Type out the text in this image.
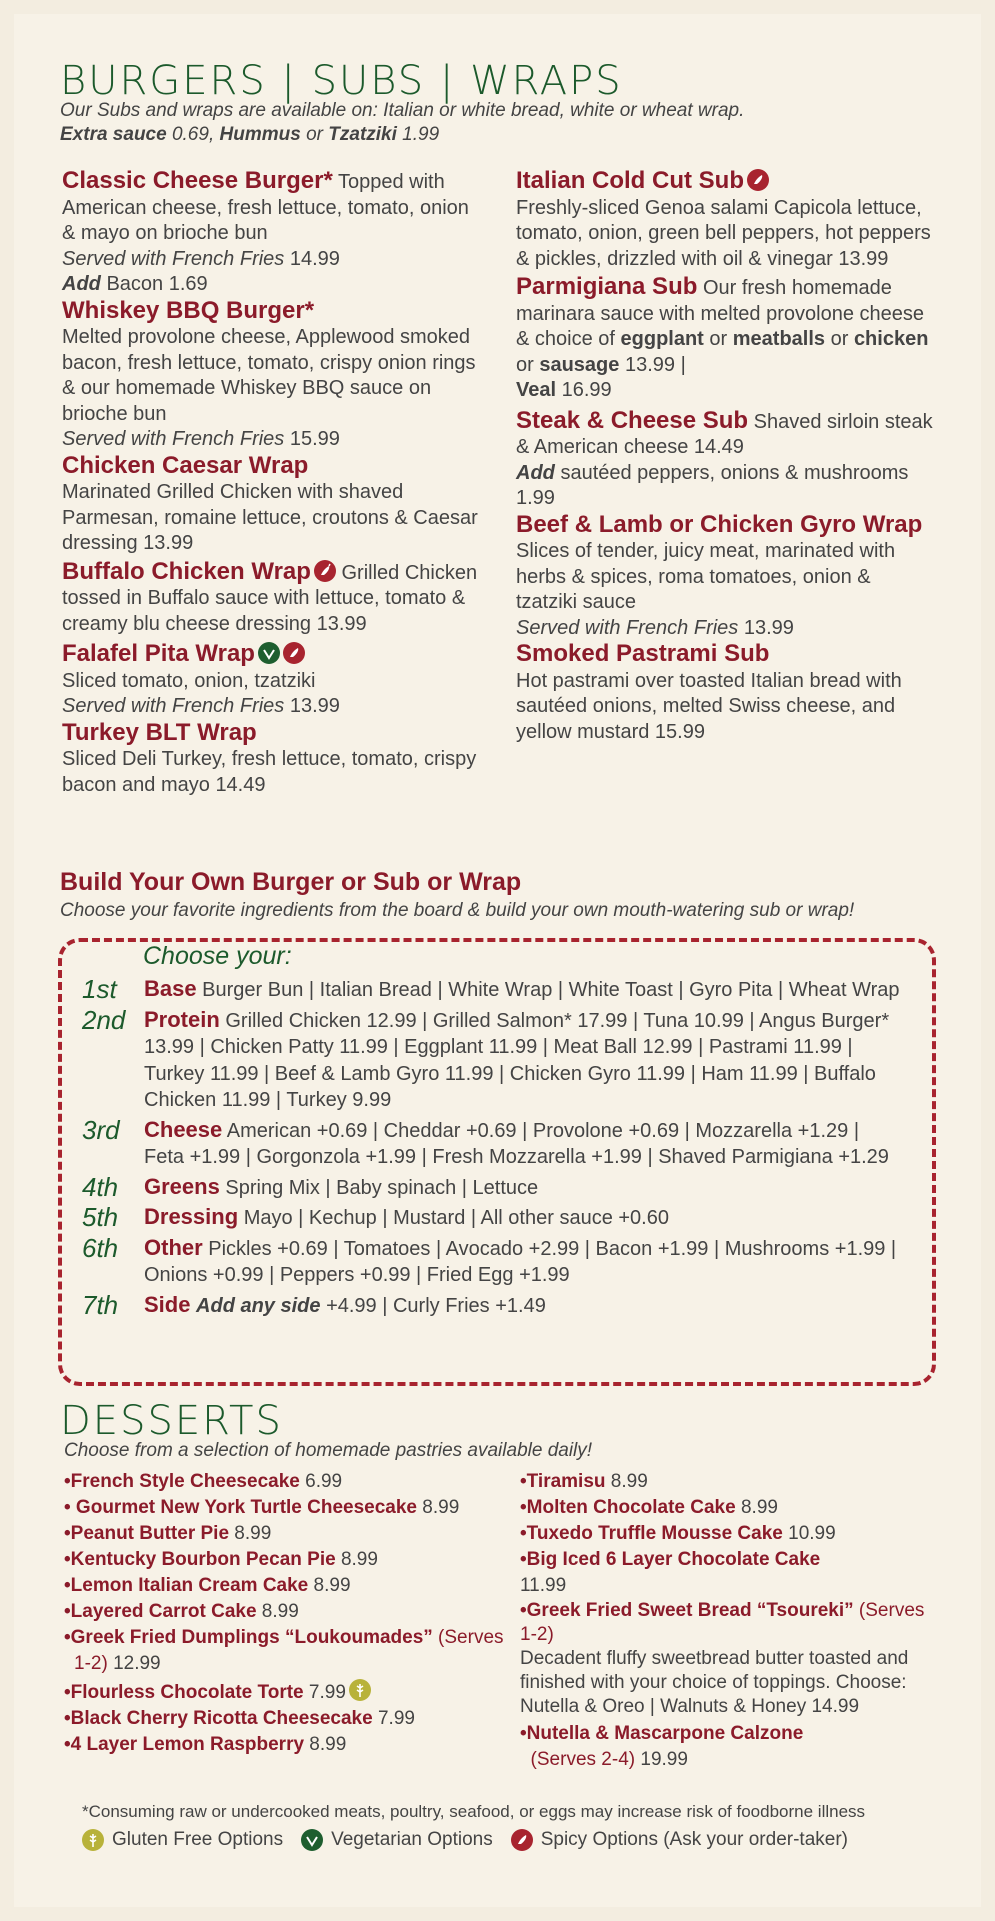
BURGERS | SUBS | WRAPS
Our Subs and wraps are available on: Italian or white bread, white or wheat wrap.
Extra sauce 0.69, Hummus or Tzatziki 1.99
Classic Cheese Burger* Topped with American cheese, fresh lettuce, tomato, onion & mayo on brioche bun
Served with French Fries 14.99
Add Bacon 1.69
Whiskey BBQ Burger*
Melted provolone cheese, Applewood smoked bacon, fresh lettuce, tomato, crispy onion rings & our homemade Whiskey BBQ sauce on brioche bun
Served with French Fries 15.99
Chicken Caesar Wrap
Marinated Grilled Chicken with shaved Parmesan, romaine lettuce, croutons & Caesar dressing 13.99
Buffalo Chicken Wrap
Grilled Chicken tossed in Buffalo sauce with lettuce, tomato & creamy blu cheese dressing 13.99
Falafel Pita Wrap

Sliced tomato, onion, tzatziki
Served with French Fries 13.99
Turkey BLT Wrap
Sliced Deli Turkey, fresh lettuce, tomato, crispy bacon and mayo 14.49
Italian Cold Cut Sub

Freshly-sliced Genoa salami Capicola lettuce, tomato, onion, green bell peppers, hot peppers & pickles, drizzled with oil & vinegar 13.99
Parmigiana Sub Our fresh homemade marinara sauce with melted provolone cheese & choice of eggplant or meatballs or chicken or sausage 13.99 |
Veal 16.99
Steak & Cheese Sub Shaved sirloin steak & American cheese 14.49
Add sautéed peppers, onions & mushrooms 1.99
Beef & Lamb or Chicken Gyro Wrap Slices of tender, juicy meat, marinated with herbs & spices, roma tomatoes, onion & tzatziki sauce
Served with French Fries 13.99
Smoked Pastrami Sub
Hot pastrami over toasted Italian bread with sautéed onions, melted Swiss cheese, and yellow mustard 15.99
Build Your Own Burger or Sub or Wrap
Choose your favorite ingredients from the board & build your own mouth-watering sub or wrap!
Choose your:
1st	Base Burger Bun | Italian Bread | White Wrap | White Toast | Gyro Pita | Wheat Wrap
2nd Protein Grilled Chicken 12.99 | Grilled Salmon* 17.99 | Tuna 10.99 | Angus Burger* 13.99 | Chicken Patty 11.99 | Eggplant 11.99 | Meat Ball 12.99 | Pastrami 11.99 | Turkey 11.99 | Beef & Lamb Gyro 11.99 | Chicken Gyro 11.99 | Ham 11.99 | Buffalo Chicken 11.99 | Turkey 9.99
3rd	Cheese American +0.69 | Cheddar +0.69 | Provolone +0.69 | Mozzarella +1.29 | Feta +1.99 | Gorgonzola +1.99 | Fresh Mozzarella +1.99 | Shaved Parmigiana +1.29
4th	Greens Spring Mix | Baby spinach | Lettuce
5th	Dressing Mayo | Kechup | Mustard | All other sauce +0.60
6th	Other Pickles +0.69 | Tomatoes | Avocado +2.99 | Bacon +1.99 | Mushrooms +1.99 | Onions +0.99 | Peppers +0.99 | Fried Egg +1.99
7th	Side Add any side +4.99 | Curly Fries +1.49
DESSERTS
Choose from a selection of homemade pastries available daily!
•French Style Cheesecake 6.99
• Gourmet New York Turtle Cheesecake 8.99
•Peanut Butter Pie 8.99
•Kentucky Bourbon Pecan Pie 8.99
•Lemon Italian Cream Cake 8.99
•Layered Carrot Cake 8.99
•Greek Fried Dumplings “Loukoumades” (Serves 1-2) 12.99
•Flourless Chocolate Torte 7.99
•Black Cherry Ricotta Cheesecake 7.99
•4 Layer Lemon Raspberry 8.99
•Tiramisu 8.99
•Molten Chocolate Cake 8.99
•Tuxedo Truffle Mousse Cake 10.99
•Big Iced 6 Layer Chocolate Cake
11.99
•Greek Fried Sweet Bread “Tsoureki” (Serves 1-2)
Decadent fluffy sweetbread butter toasted and finished with your choice of toppings. Choose: Nutella & Oreo | Walnuts & Honey 14.99
•Nutella & Mascarpone Calzone
(Serves 2-4) 19.99
*Consuming raw or undercooked meats, poultry, seafood, or eggs may increase risk of foodborne illness
Gluten Free Options	Vegetarian Options	Spicy Options (Ask your order-taker)
